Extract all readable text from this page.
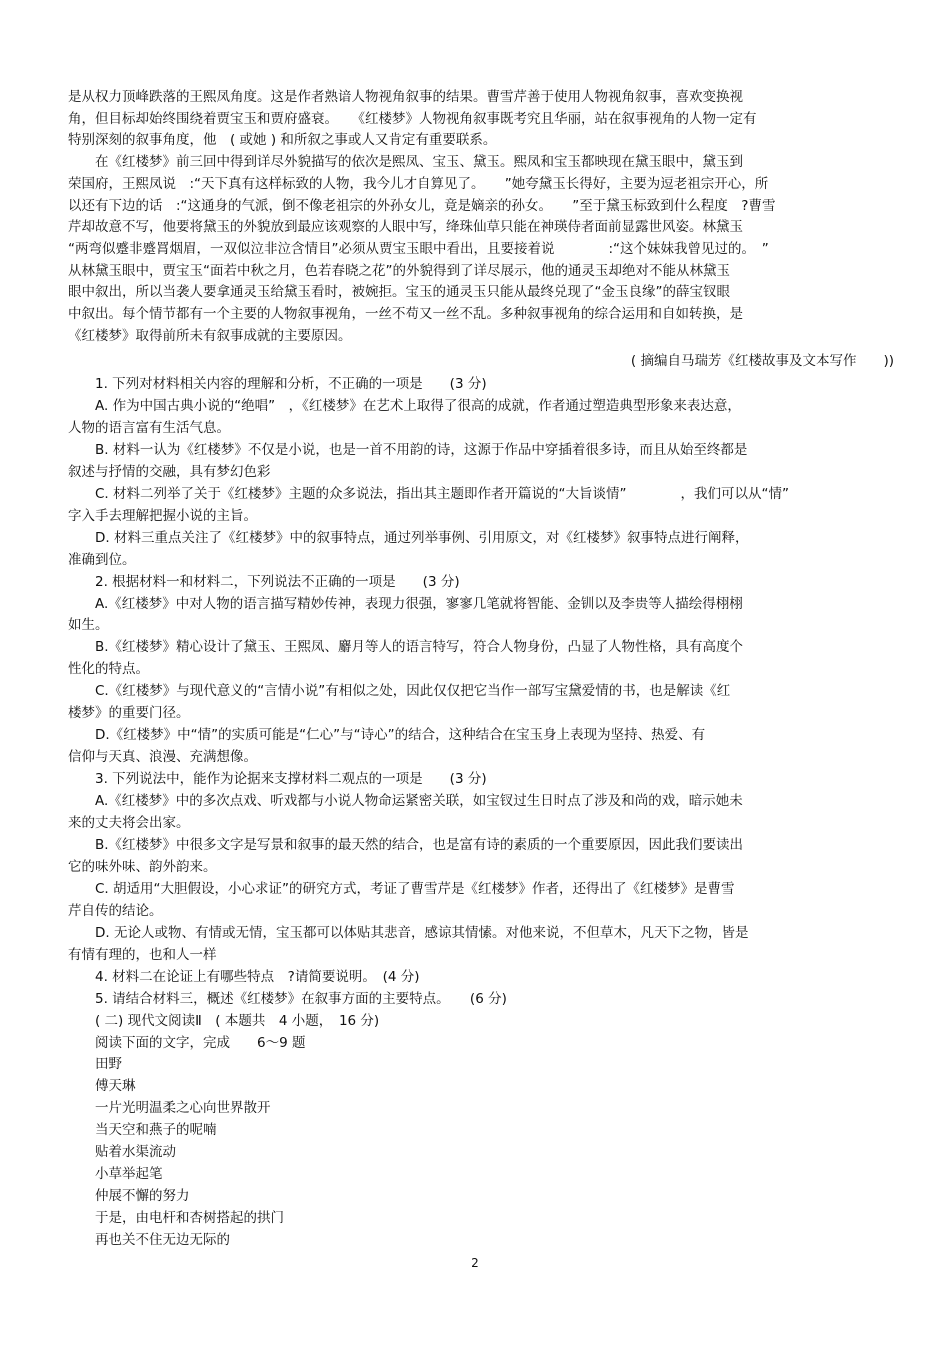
是从权力顶峰跌落的王熙凤角度。这是作者熟谙人物视角叙事的结果。曹雪芹善于使用人物视角叙事，喜欢变换视
角，但目标却始终围绕着贾宝玉和贾府盛衰。　　《红楼梦》人物视角叙事既考究且华丽，站在叙事视角的人物一定有
特别深刻的叙事角度，他　( 或她 ) 和所叙之事或人又肯定有重要联系。
　　在《红楼梦》前三回中得到详尽外貌描写的依次是熙凤、宝玉、黛玉。熙凤和宝玉都映现在黛玉眼中，黛玉到
荣国府，王熙凤说　:“天下真有这样标致的人物，我今儿才自算见了。　　”她夸黛玉长得好，主要为逗老祖宗开心，所
以还有下边的话　:“这通身的气派，倒不像老祖宗的外孙女儿，竟是嫡亲的孙女。　　”至于黛玉标致到什么程度　?曹雪
芹却故意不写，他要将黛玉的外貌放到最应该观察的人眼中写，绛珠仙草只能在神瑛侍者面前显露世风姿。林黛玉
“两弯似蹙非蹙罥烟眉，一双似泣非泣含情目”必须从贾宝玉眼中看出，且要接着说　　　　:“这个妹妹我曾见过的。　”
从林黛玉眼中，贾宝玉“面若中秋之月，色若春晓之花”的外貌得到了详尽展示，他的通灵玉却绝对不能从林黛玉
眼中叙出，所以当袭人要拿通灵玉给黛玉看时，被婉拒。宝玉的通灵玉只能从最终兑现了“金玉良缘”的薛宝钗眼
中叙出。每个情节都有一个主要的人物叙事视角，一丝不苟又一丝不乱。多种叙事视角的综合运用和自如转换，是
《红楼梦》取得前所未有叙事成就的主要原因。
　　1. 下列对材料相关内容的理解和分析，不正确的一项是　　(3 分)
　　A. 作为中国古典小说的“绝唱”　，《红楼梦》在艺术上取得了很高的成就，作者通过塑造典型形象来表达意，
人物的语言富有生活气息。
　　B. 材料一认为《红楼梦》不仅是小说，也是一首不用韵的诗，这源于作品中穿插着很多诗，而且从始至终都是
叙述与抒情的交融，具有梦幻色彩
　　C. 材料二列举了关于《红楼梦》主题的众多说法，指出其主题即作者开篇说的“大旨谈情”　　　　，我们可以从“情”
字入手去理解把握小说的主旨。
　　D. 材料三重点关注了《红楼梦》中的叙事特点，通过列举事例、引用原文，对《红楼梦》叙事特点进行阐释，
准确到位。
　　2. 根据材料一和材料二，下列说法不正确的一项是　　(3 分)
　　A.《红楼梦》中对人物的语言描写精妙传神，表现力很强，寥寥几笔就将智能、金钏以及李贵等人描绘得栩栩
如生。
　　B.《红楼梦》精心设计了黛玉、王熙凤、麝月等人的语言特写，符合人物身份，凸显了人物性格，具有高度个
性化的特点。
　　C.《红楼梦》与现代意义的“言情小说”有相似之处，因此仅仅把它当作一部写宝黛爱情的书，也是解读《红
楼梦》的重要门径。
　　D.《红楼梦》中“情”的实质可能是“仁心”与“诗心”的结合，这种结合在宝玉身上表现为坚持、热爱、有
信仰与天真、浪漫、充满想像。
　　3. 下列说法中，能作为论据来支撑材料二观点的一项是　　(3 分)
　　A.《红楼梦》中的多次点戏、听戏都与小说人物命运紧密关联，如宝钗过生日时点了涉及和尚的戏，暗示她未
来的丈夫将会出家。
　　B.《红楼梦》中很多文字是写景和叙事的最天然的结合，也是富有诗的素质的一个重要原因，因此我们要读出
它的味外味、韵外韵来。
　　C. 胡适用“大胆假设，小心求证”的研究方式，考证了曹雪芹是《红楼梦》作者，还得出了《红楼梦》是曹雪
芹自传的结论。
　　D. 无论人或物、有情或无情，宝玉都可以体贴其悲音，感谅其情愫。对他来说，不但草木，凡天下之物，皆是
有情有理的，也和人一样
　　4. 材料二在论证上有哪些特点　?请简要说明。　(4 分)
　　5. 请结合材料三，概述《红楼梦》在叙事方面的主要特点。　　(6 分)
　　( 二) 现代文阅读Ⅱ　( 本题共　4 小题，　16 分)
　　阅读下面的文字，完成　　6～9 题
　　田野
　　傅天琳
　　一片光明温柔之心向世界散开
　　当天空和燕子的呢喃
　　贴着水渠流动
　　小草举起笔
　　仲展不懈的努力
　　于是，由电杆和杏树搭起的拱门
　　再也关不住无边无际的
( 摘编自马瑞芳《红楼故事及文本写作　　))
2
